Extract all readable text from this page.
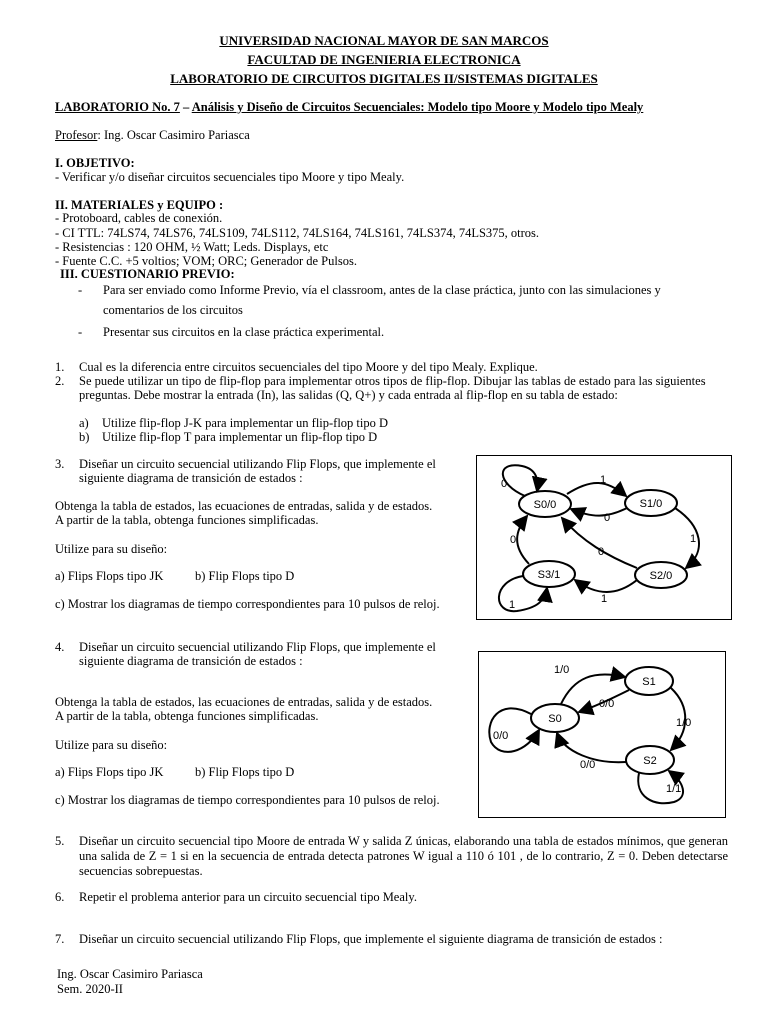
UNIVERSIDAD NACIONAL MAYOR DE SAN MARCOS
FACULTAD DE INGENIERIA ELECTRONICA
LABORATORIO DE CIRCUITOS DIGITALES II/SISTEMAS DIGITALES
LABORATORIO No. 7 – Análisis y Diseño de Circuitos Secuenciales: Modelo tipo Moore y Modelo tipo Mealy
Profesor: Ing. Oscar Casimiro Pariasca
I. OBJETIVO:
- Verificar y/o diseñar circuitos secuenciales tipo Moore y tipo Mealy.
II. MATERIALES y EQUIPO :
- Protoboard, cables de conexión.
- CI TTL: 74LS74, 74LS76, 74LS109, 74LS112, 74LS164, 74LS161, 74LS374, 74LS375, otros.
- Resistencias : 120 OHM, ½ Watt; Leds. Displays, etc
- Fuente C.C. +5 voltios; VOM; ORC; Generador de Pulsos.
III. CUESTIONARIO PREVIO:
- Para ser enviado como Informe Previo, vía el classroom, antes de la clase práctica, junto con las simulaciones y
comentarios de los circuitos
- Presentar sus circuitos en la clase práctica experimental.
1. Cual es la diferencia entre circuitos secuenciales del tipo Moore y del tipo Mealy. Explique.
2. Se puede utilizar un tipo de flip-flop para implementar otros tipos de flip-flop. Dibujar las tablas de estado para las siguientes
preguntas. Debe mostrar la entrada (In), las salidas (Q, Q+) y cada entrada al flip-flop en su tabla de estado:
a) Utilize flip-flop J-K para implementar un flip-flop tipo D
b) Utilize flip-flop T para implementar un flip-flop tipo D
3. Diseñar un circuito secuencial utilizando Flip Flops, que implemente el
siguiente diagrama de transición de estados :
Obtenga la tabla de estados, las ecuaciones de entradas, salida y de estados.
A partir de la tabla, obtenga funciones simplificadas.
Utilize para su diseño:
a) Flips Flops tipo JK	b) Flip Flops tipo D
c) Mostrar los diagramas de tiempo correspondientes para 10 pulsos de reloj.
S0/0	S1/0
S2/0
S3/1
0	1
0
1
0
0
1
1
4. Diseñar un circuito secuencial utilizando Flip Flops, que implemente el
siguiente diagrama de transición de estados :
Obtenga la tabla de estados, las ecuaciones de entradas, salida y de estados.
A partir de la tabla, obtenga funciones simplificadas.
Utilize para su diseño:
a) Flips Flops tipo JK	b) Flip Flops tipo D
c) Mostrar los diagramas de tiempo correspondientes para 10 pulsos de reloj.
S0
S1
S2
1/0
0/0
1/0
0/0
0/0
1/1
5. Diseñar un circuito secuencial tipo Moore de entrada W y salida Z únicas, elaborando una tabla de estados mínimos, que generan una salida de Z = 1 si en la secuencia de entrada detecta patrones W igual a 110 ó 101 , de lo contrario, Z = 0. Deben detectarse secuencias sobrepuestas.
6. Repetir el problema anterior para un circuito secuencial tipo Mealy.
7. Diseñar un circuito secuencial utilizando Flip Flops, que implemente el siguiente diagrama de transición de estados :
Ing. Oscar Casimiro Pariasca
Sem. 2020-II
